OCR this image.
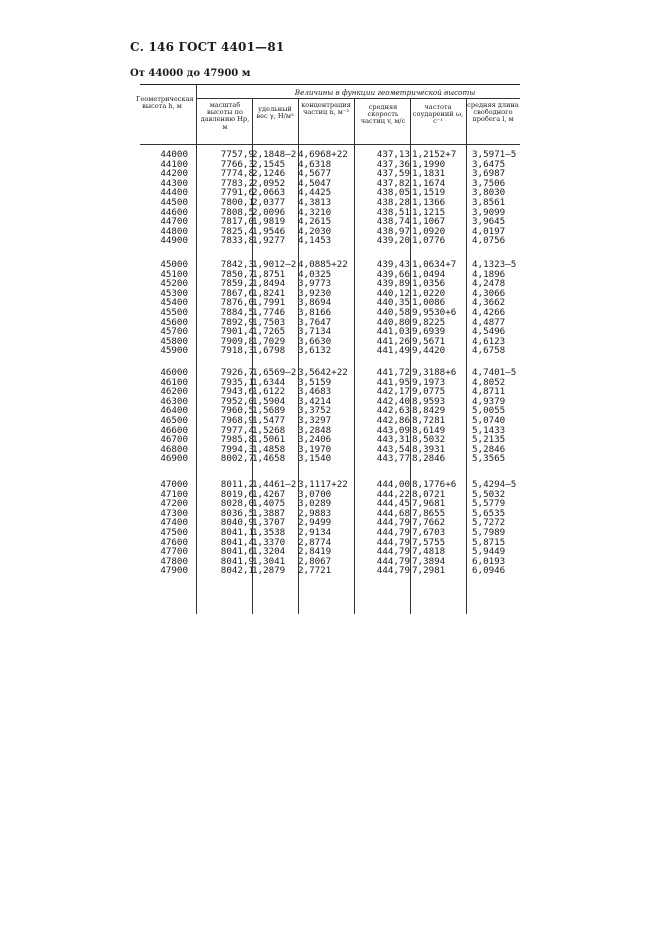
С. 146 ГОСТ 4401—81
От 44000 до 47900 м
Геометрическая высота h, м
Величины в функции геометрической высоты
масштаб высоты по давлению Hp, м
удельный вес γ, Н/м³
концентрация частиц n, м⁻³
средняя скорость частиц v, м/с
частота соударений ω, с⁻¹
средняя длина свободного пробега l, м
44000
44100
44200
44300
44400
44500
44600
44700
44800
44900
7757,9
7766,3
7774,8
7783,2
7791,6
7800,1
7808,5
7817,0
7825,4
7833,8
2,1848—2
2,1545
2,1246
2,0952
2,0663
2,0377
2,0096
1,9819
1,9546
1,9277
4,6968+22
4,6318
4,5677
4,5047
4,4425
4,3813
4,3210
4,2615
4,2030
4,1453
437,13
437,36
437,59
437,82
438,05
438,28
438,51
438,74
438,97
439,20
1,2152+7
1,1990
1,1831
1,1674
1,1519
1,1366
1,1215
1,1067
1,0920
1,0776
3,5971—5
3,6475
3,6987
3,7506
3,8030
3,8561
3,9099
3,9645
4,0197
4,0756
45000
45100
45200
45300
45400
45500
45600
45700
45800
45900
7842,3
7850,7
7859,2
7867,6
7876,0
7884,5
7892,9
7901,4
7909,8
7918,3
1,9012—2
1,8751
1,8494
1,8241
1,7991
1,7746
1,7503
1,7265
1,7029
1,6798
4,0885+22
4,0325
3,9773
3,9230
3,8694
3,8166
3,7647
3,7134
3,6630
3,6132
439,43
439,66
439,89
440,12
440,35
440,58
440,80
441,03
441,26
441,49
1,0634+7
1,0494
1,0356
1,0220
1,0086
9,9530+6
9,8225
9,6939
9,5671
9,4420
4,1323—5
4,1896
4,2478
4,3066
4,3662
4,4266
4,4877
4,5496
4,6123
4,6758
46000
46100
46200
46300
46400
46500
46600
46700
46800
46900
7926,7
7935,1
7943,6
7952,0
7960,5
7968,9
7977,4
7985,8
7994,3
8002,7
1,6569—2
1,6344
1,6122
1,5904
1,5689
1,5477
1,5268
1,5061
1,4858
1,4658
3,5642+22
3,5159
3,4683
3,4214
3,3752
3,3297
3,2848
3,2406
3,1970
3,1540
441,72
441,95
442,17
442,40
442,63
442,86
443,09
443,31
443,54
443,77
9,3188+6
9,1973
9,0775
8,9593
8,8429
8,7281
8,6149
8,5032
8,3931
8,2846
4,7401—5
4,8052
4,8711
4,9379
5,0055
5,0740
5,1433
5,2135
5,2846
5,3565
47000
47100
47200
47300
47400
47500
47600
47700
47800
47900
8011,2
8019,6
8028,0
8036,5
8040,9
8041,1
8041,4
8041,6
8041,9
8042,1
1,4461—2
1,4267
1,4075
1,3887
1,3707
1,3538
1,3370
1,3204
1,3041
1,2879
3,1117+22
3,0700
3,0289
2,9883
2,9499
2,9134
2,8774
2,8419
2,8067
2,7721
444,00
444,22
444,45
444,68
444,79
444,79
444,79
444,79
444,79
444,79
8,1776+6
8,0721
7,9681
7,8655
7,7662
7,6703
7,5755
7,4818
7,3894
7,2981
5,4294—5
5,5032
5,5779
5,6535
5,7272
5,7989
5,8715
5,9449
6,0193
6,0946
